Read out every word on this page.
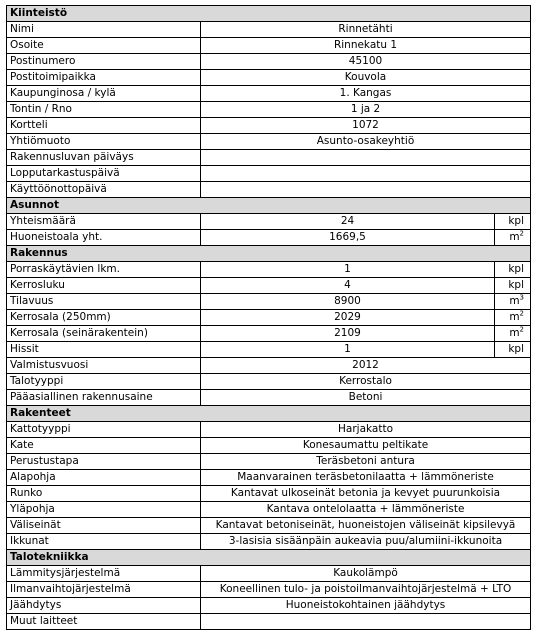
Kiinteistö		
Nimi	Rinnetähti	
Osoite	Rinnekatu 1	
Postinumero	45100	
Postitoimipaikka	Kouvola	
Kaupunginosa / kylä	1. Kangas	
Tontin / Rno	1 ja 2	
Kortteli	1072	
Yhtiömuoto	Asunto-osakeyhtiö	
Rakennusluvan päiväys		
Lopputarkastuspäivä		
Käyttöönottopäivä		
Asunnot		
Yhteismäärä	24	kpl
Huoneistoala yht.	1669,5	$m^2$
Rakennus		
Porraskäytävien lkm.	1	kpl
Kerrosluku	4	kpl
Tilavuus	8900	$m^3$
Kerrosala (250mm)	2029	$m^2$
Kerrosala (seinärakentein)	2109	$m^2$
Hissit	1	kpl
Valmistusvuosi	2012	
Talotyyppi	Kerrostalo	
Pääasiallinen rakennusaine	Betoni	
Rakenteet		
Kattotyyppi	Harjakatto	
Kate	Konesaumattu peltikate	
Perustustapa	Teräsbetoni antura	
Alapohja	Maanvarainen teräsbetonilaatta + lämmöneriste	
Runko	Kantavat ulkoseinät betonia ja kevyet puurunkoisia	
Yläpohja	Kantava ontelolaatta + lämmöneriste	
Väliseinät	Kantavat betoniseinät, huoneistojen väliseinät kipsilevyä	
Ikkunat	3-lasisia sisäänpäin aukeavia puu/alumiini-ikkunoita	
Talotekniikka		
Lämmitysjärjestelmä	Kaukolämpö	
Ilmanvaihtojärjestelmä	Koneellinen tulo- ja poistoilmanvaihtojärjestelmä + LTO	
Jäähdytys	Huoneistokohtainen jäähdytys	
Muut laitteet		
